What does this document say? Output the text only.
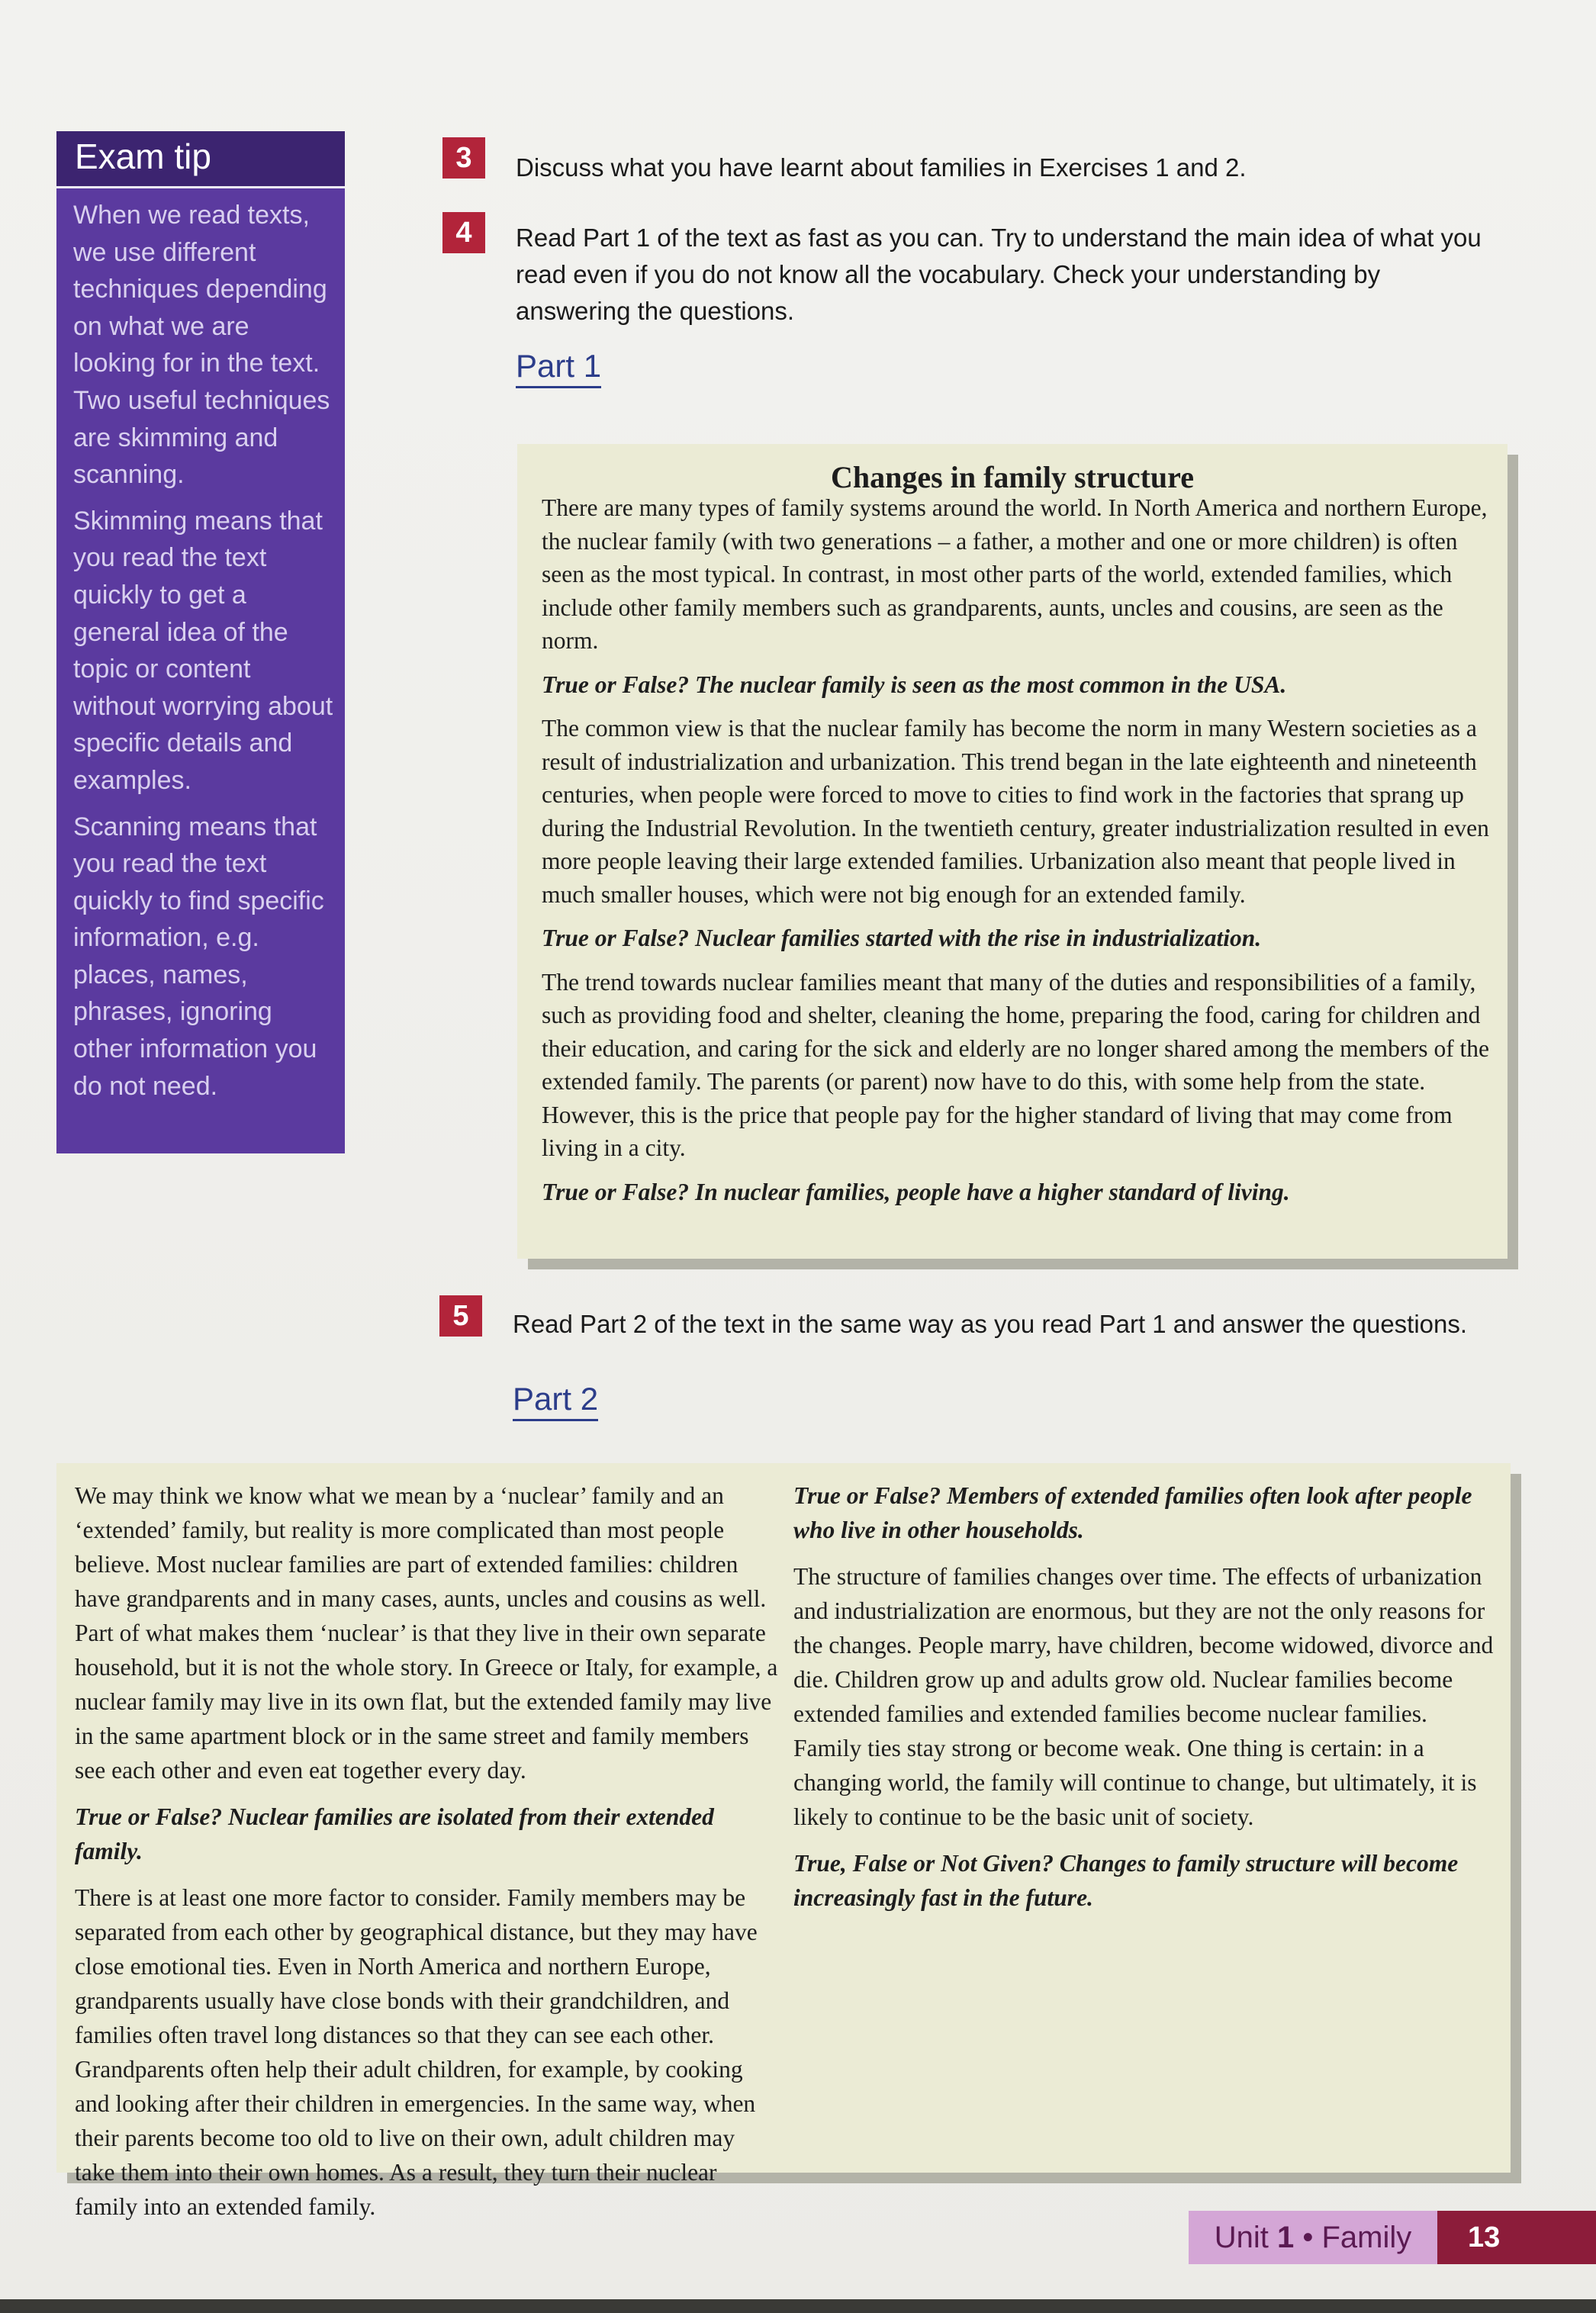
Exam tip

When we read texts, we use different techniques depending on what we are looking for in the text. Two useful techniques are skimming and scanning.

Skimming means that you read the text quickly to get a general idea of the topic or content without worrying about specific details and examples.

Scanning means that you read the text quickly to find specific information, e.g. places, names, phrases, ignoring other information you do not need.

3	Discuss what you have learnt about families in Exercises 1 and 2.
4	Read Part 1 of the text as fast as you can. Try to understand the main idea of what you read even if you do not know all the vocabulary. Check your understanding by answering the questions.
Part 1
Changes in family structure

There are many types of family systems around the world. In North America and northern Europe, the nuclear family (with two generations – a father, a mother and one or more children) is often seen as the most typical. In contrast, in most other parts of the world, extended families, which include other family members such as grandparents, aunts, uncles and cousins, are seen as the norm.

True or False? The nuclear family is seen as the most common in the USA.

The common view is that the nuclear family has become the norm in many Western societies as a result of industrialization and urbanization. This trend began in the late eighteenth and nineteenth centuries, when people were forced to move to cities to find work in the factories that sprang up during the Industrial Revolution. In the twentieth century, greater industrialization resulted in even more people leaving their large extended families. Urbanization also meant that people lived in much smaller houses, which were not big enough for an extended family.

True or False? Nuclear families started with the rise in industrialization.

The trend towards nuclear families meant that many of the duties and responsibilities of a family, such as providing food and shelter, cleaning the home, preparing the food, caring for children and their education, and caring for the sick and elderly are no longer shared among the members of the extended family. The parents (or parent) now have to do this, with some help from the state. However, this is the price that people pay for the higher standard of living that may come from living in a city.

True or False? In nuclear families, people have a higher standard of living.

5	Read Part 2 of the text in the same way as you read Part 1 and answer the questions.
Part 2

We may think we know what we mean by a ‘nuclear’ family and an ‘extended’ family, but reality is more complicated than most people believe. Most nuclear families are part of extended families: children have grandparents and in many cases, aunts, uncles and cousins as well. Part of what makes them ‘nuclear’ is that they live in their own separate household, but it is not the whole story. In Greece or Italy, for example, a nuclear family may live in its own flat, but the extended family may live in the same apartment block or in the same street and family members see each other and even eat together every day.

True or False? Nuclear families are isolated from their extended family.

There is at least one more factor to consider. Family members may be separated from each other by geographical distance, but they may have close emotional ties. Even in North America and northern Europe, grandparents usually have close bonds with their grandchildren, and families often travel long distances so that they can see each other. Grandparents often help their adult children, for example, by cooking and looking after their children in emergencies. In the same way, when their parents become too old to live on their own, adult children may take them into their own homes. As a result, they turn their nuclear family into an extended family.

True or False? Members of extended families often look after people who live in other households.

The structure of families changes over time. The effects of urbanization and industrialization are enormous, but they are not the only reasons for the changes. People marry, have children, become widowed, divorce and die. Children grow up and adults grow old. Nuclear families become extended families and extended families become nuclear families. Family ties stay strong or become weak. One thing is certain: in a changing world, the family will continue to change, but ultimately, it is likely to continue to be the basic unit of society.

True, False or Not Given? Changes to family structure will become increasingly fast in the future.

Unit 1 • Family	13
